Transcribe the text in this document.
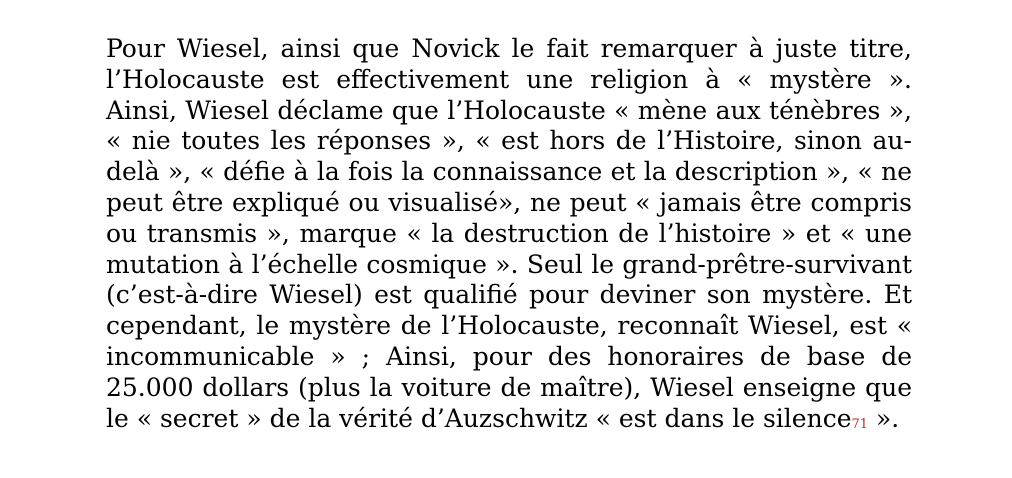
Pour Wiesel, ainsi que Novick le fait remarquer à juste titre,
l’Holocauste est effectivement une religion à « mystère ».
Ainsi, Wiesel déclame que l’Holocauste « mène aux ténèbres »,
« nie toutes les réponses », « est hors de l’Histoire, sinon au-
delà », « défie à la fois la connaissance et la description », « ne
peut être expliqué ou visualisé», ne peut « jamais être compris
ou transmis », marque « la destruction de l’histoire » et « une
mutation à l’échelle cosmique ». Seul le grand-prêtre-survivant
(c’est-à-dire Wiesel) est qualifié pour deviner son mystère. Et
cependant, le mystère de l’Holocauste, reconnaît Wiesel, est «
incommunicable » ; Ainsi, pour des honoraires de base de
25.000 dollars (plus la voiture de maître), Wiesel enseigne que
le « secret » de la vérité d’Auzschwitz « est dans le silence71 ».
